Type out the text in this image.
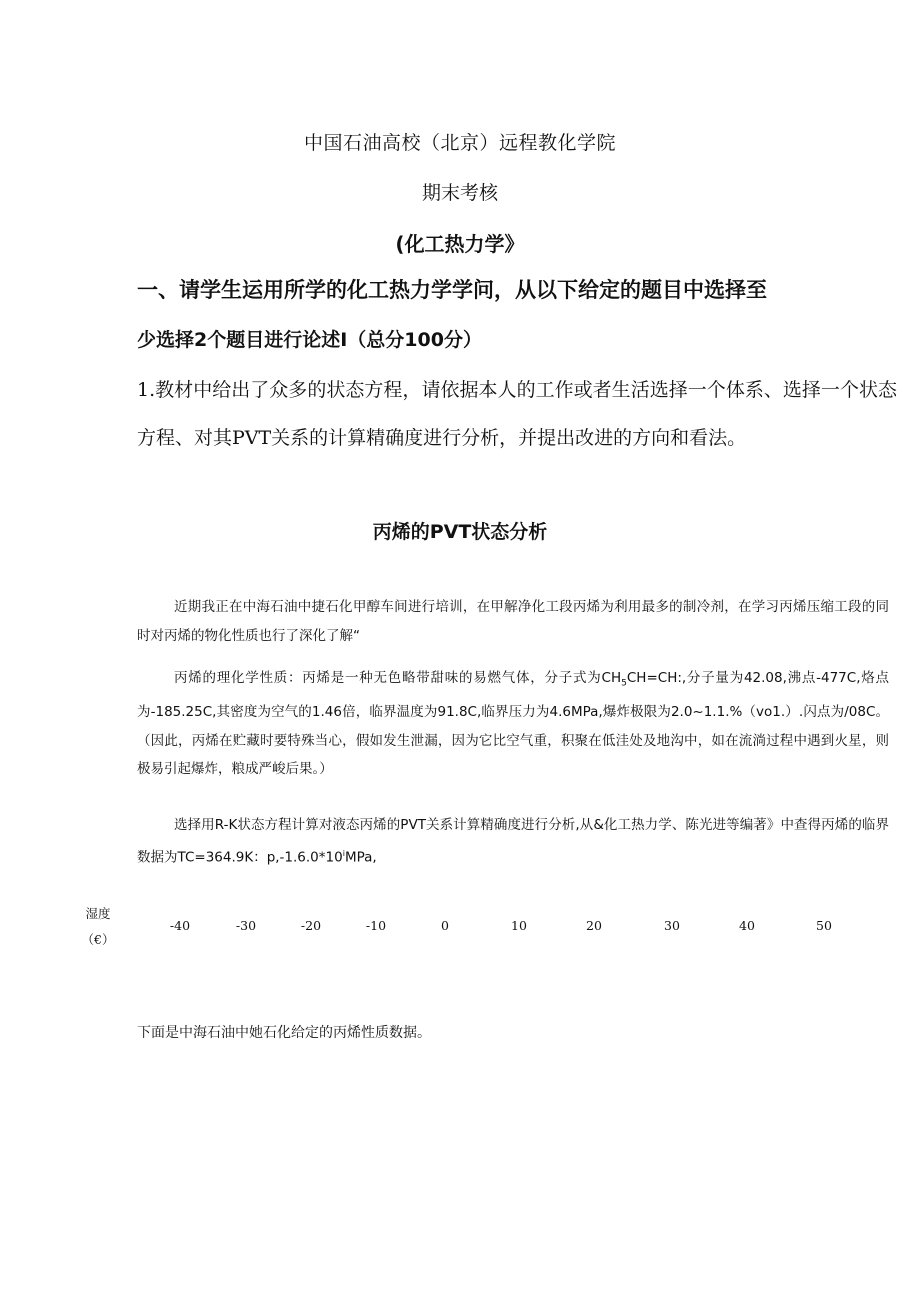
中国石油高校（北京）远程教化学院
期末考核
(化工热力学》
一、请学生运用所学的化工热力学学问，从以下给定的题目中选择至
少选择2个题目进行论述I（总分100分）
1.教材中给出了众多的状态方程，请依据本人的工作或者生活选择一个体系、选择一个状态方程、对其PVT关系的计算精确度进行分析，并提出改进的方向和看法。
丙烯的PVT状态分析
近期我正在中海石油中捷石化甲醇车间进行培训，在甲解净化工段丙烯为利用最多的制冷剂，在学习丙烯压缩工段的同时对丙烯的物化性质也行了深化了解“
丙烯的理化学性质：丙烯是一种无色略带甜味的易燃气体，分子式为$CH_5CH=CH$:,分子量为42.08,沸点-477C,烙点为-185.25C,其密度为空气的1.46倍，临界温度为91.8C,临界压力为4.6MPa,爆炸极限为2.0~1.1.%（vo1.）.闪点为/08C。（因此，丙烯在贮藏时要特殊当心，假如发生泄漏，因为它比空气重，积聚在低洼处及地沟中，如在流淌过程中遇到火星，则极易引起爆炸，粮成严峻后果。）
选择用R-K状态方程计算对液态丙烯的PVT关系计算精确度进行分析,从&化工热力学、陈光进等编著》中查得丙烯的临界数据为TC=364.9K：p,-1.6.0*10$^i$MPa,
湿度
（€）
-40	-30	-20	-10	0	10	20	30	40	50
下面是中海石油中她石化给定的丙烯性质数据。
